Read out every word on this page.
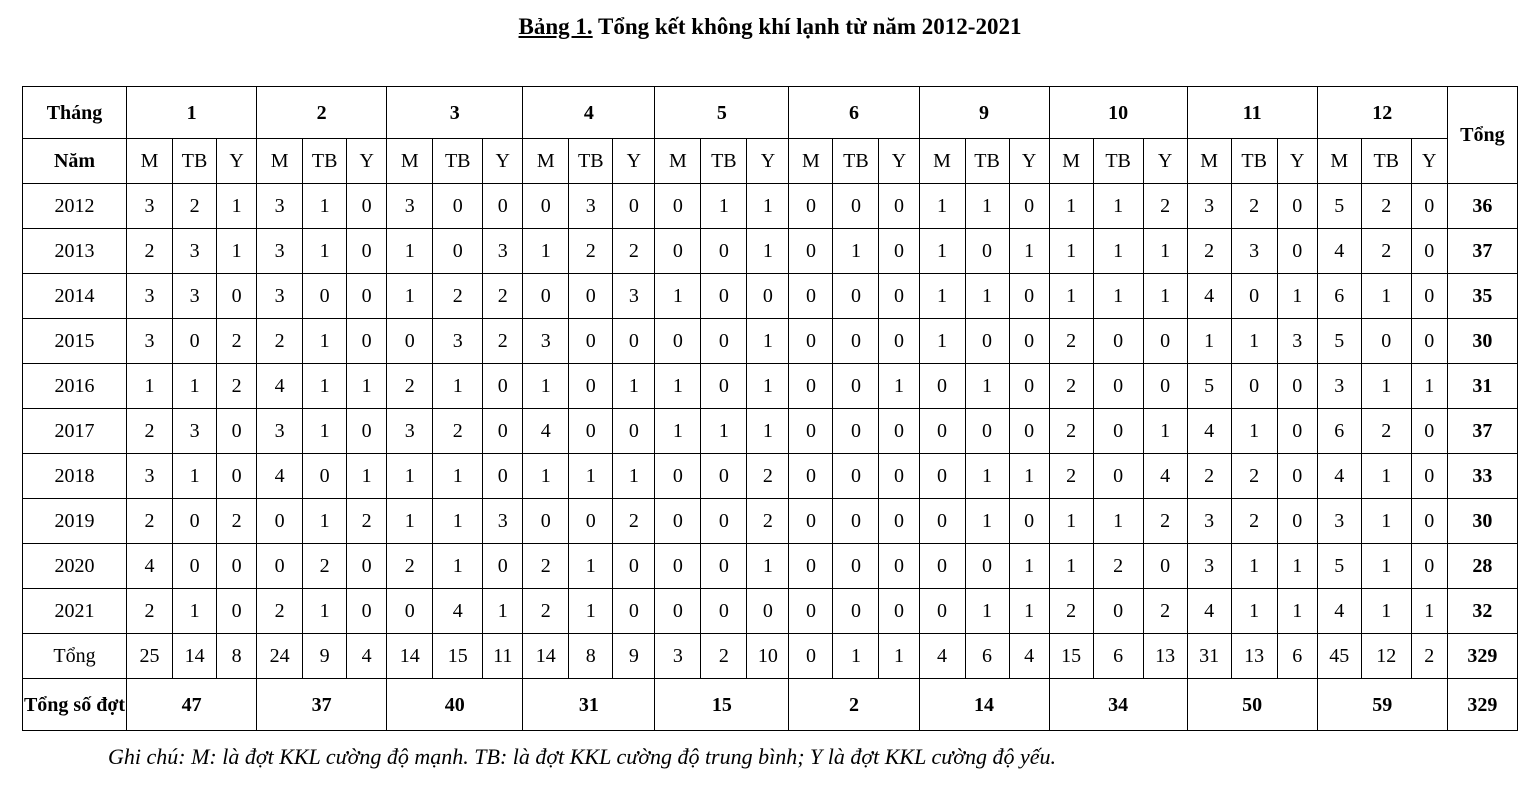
Bảng 1. Tổng kết không khí lạnh từ năm 2012-2021
Tháng	1			2			3			4			5			6			9			10			11			12			Tổng
Năm	M	TB	Y	M	TB	Y	M	TB	Y	M	TB	Y	M	TB	Y	M	TB	Y	M	TB	Y	M	TB	Y	M	TB	Y	M	TB	Y	
2012	3	2	1	3	1	0	3	0	0	0	3	0	0	1	1	0	0	0	1	1	0	1	1	2	3	2	0	5	2	0	36
2013	2	3	1	3	1	0	1	0	3	1	2	2	0	0	1	0	1	0	1	0	1	1	1	1	2	3	0	4	2	0	37
2014	3	3	0	3	0	0	1	2	2	0	0	3	1	0	0	0	0	0	1	1	0	1	1	1	4	0	1	6	1	0	35
2015	3	0	2	2	1	0	0	3	2	3	0	0	0	0	1	0	0	0	1	0	0	2	0	0	1	1	3	5	0	0	30
2016	1	1	2	4	1	1	2	1	0	1	0	1	1	0	1	0	0	1	0	1	0	2	0	0	5	0	0	3	1	1	31
2017	2	3	0	3	1	0	3	2	0	4	0	0	1	1	1	0	0	0	0	0	0	2	0	1	4	1	0	6	2	0	37
2018	3	1	0	4	0	1	1	1	0	1	1	1	0	0	2	0	0	0	0	1	1	2	0	4	2	2	0	4	1	0	33
2019	2	0	2	0	1	2	1	1	3	0	0	2	0	0	2	0	0	0	0	1	0	1	1	2	3	2	0	3	1	0	30
2020	4	0	0	0	2	0	2	1	0	2	1	0	0	0	1	0	0	0	0	0	1	1	2	0	3	1	1	5	1	0	28
2021	2	1	0	2	1	0	0	4	1	2	1	0	0	0	0	0	0	0	0	1	1	2	0	2	4	1	1	4	1	1	32
Tổng	25	14	8	24	9	4	14	15	11	14	8	9	3	2	10	0	1	1	4	6	4	15	6	13	31	13	6	45	12	2	329
Tổng số đợt	47			37			40			31			15			2			14			34			50			59			329
Ghi chú: M: là đợt KKL cường độ mạnh. TB: là đợt KKL cường độ trung bình; Y là đợt KKL cường độ yếu.
